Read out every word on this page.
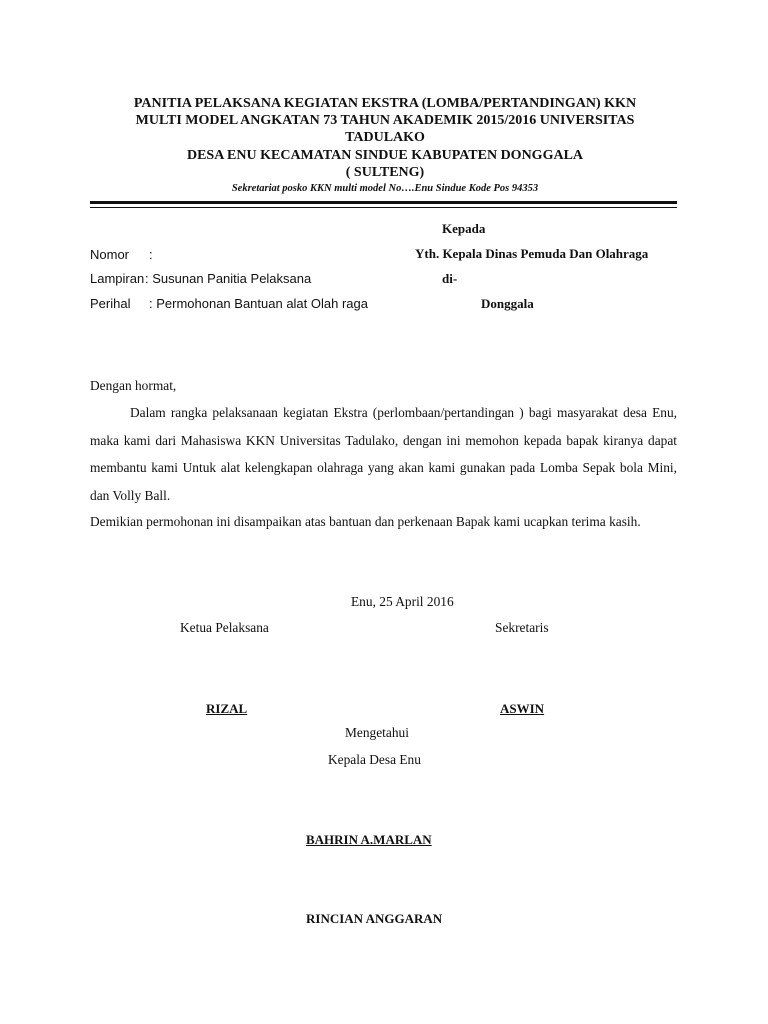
PANITIA PELAKSANA KEGIATAN EKSTRA (LOMBA/PERTANDINGAN) KKN
MULTI MODEL ANGKATAN 73 TAHUN AKADEMIK 2015/2016 UNIVERSITAS
TADULAKO
DESA ENU KECAMATAN SINDUE KABUPATEN DONGGALA
( SULTENG)
Sekretariat posko KKN multi model No….Enu Sindue Kode Pos 94353
Kepada
Yth. Kepala Dinas Pemuda Dan Olahraga
di-
Donggala
Nomor :
Lampiran : Susunan Panitia Pelaksana
Perihal : Permohonan Bantuan alat Olah raga
Dengan hormat,
Dalam rangka pelaksanaan kegiatan Ekstra (perlombaan/pertandingan ) bagi masyarakat desa Enu, maka kami dari Mahasiswa KKN Universitas Tadulako, dengan ini memohon kepada bapak kiranya dapat membantu kami Untuk alat kelengkapan olahraga yang akan kami gunakan pada Lomba Sepak bola Mini, dan Volly Ball.
Demikian permohonan ini disampaikan atas bantuan dan perkenaan Bapak kami ucapkan terima kasih.
Enu, 25 April 2016
Ketua Pelaksana	Sekretaris
RIZAL	ASWIN
Mengetahui
Kepala Desa Enu
BAHRIN A.MARLAN
RINCIAN ANGGARAN
